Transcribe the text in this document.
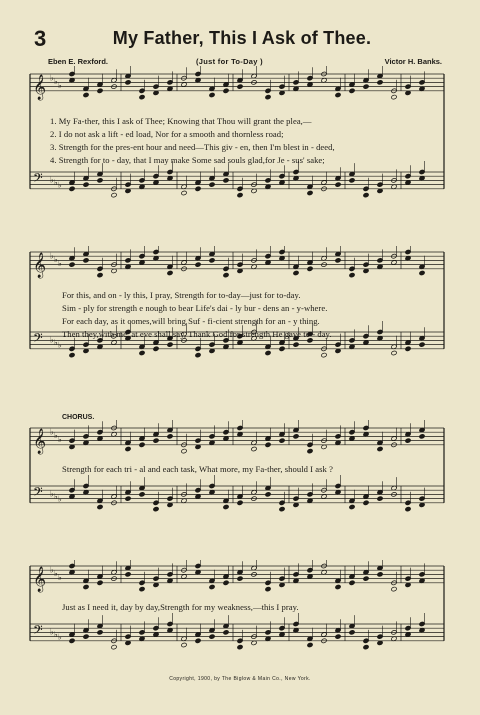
3	My Father, This I Ask of Thee.
Eben E. Rexford.	(Just for To-Day )	Victor H. Banks.
𝄞 ♭ ♭ ♭
𝄢 ♭ ♭ ♭
1. My Fa-ther, this I ask of Thee; Knowing that Thou will grant the plea,—
2. I do not ask a lift - ed load, Nor for a smooth and thornless road;
3. Strength for the pres-ent hour and need—This giv - en, then I'm blest in - deed,
4. Strength for to - day, that I may make Some sad souls glad,for Je - sus' sake;
𝄞 ♭ ♭ ♭
𝄢 ♭ ♭ ♭
For this, and on - ly this, I pray, Strength for to-day—just for to-day.
Sim - ply for strength e nough to bear Life's dai - ly bur - dens an - y-where.
For each day, as it comes,will bring Suf - fi-cient strength for an - y thing.
Then they,with me, at eve shall say, Thank God for strength He gave to - day.
CHORUS.
𝄞 ♭ ♭ ♭
𝄢 ♭ ♭ ♭
Strength for each tri - al and each task, What more, my Fa-ther, should I ask ?
𝄞 ♭ ♭ ♭
𝄢 ♭ ♭ ♭
Just as I need it, day by day,Strength for my weakness,—this I pray.
Copyright, 1900, by The Biglow & Main Co., New York.
